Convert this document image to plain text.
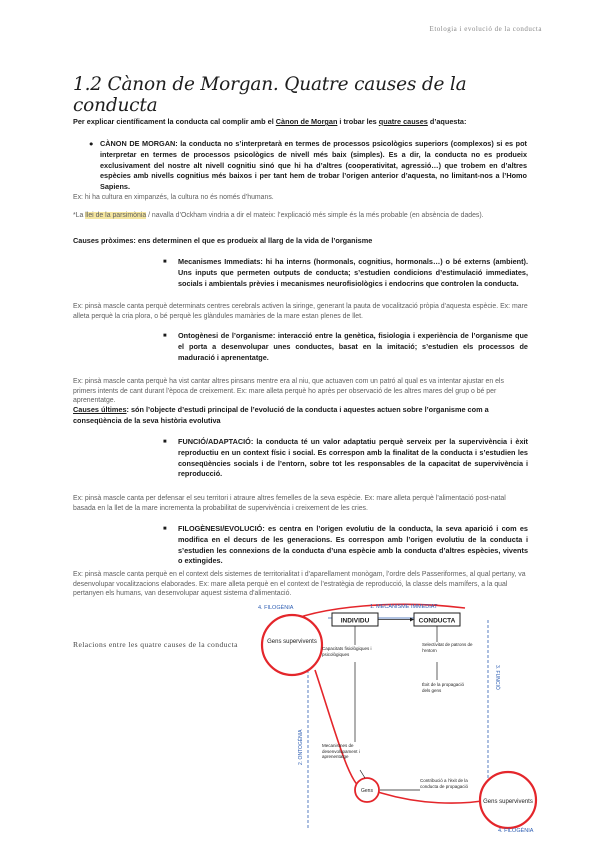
Etologia i evolució de la conducta
1.2 Cànon de Morgan. Quatre causes de la conducta

Per explicar científicament la conducta cal complir amb el Cànon de Morgan i trobar les quatre causes d’aquesta:

● CÀNON DE MORGAN: la conducta no s’interpretarà en termes de processos psicològics superiors (complexos) si es pot interpretar en termes de processos psicològics de nivell més baix (simples). Es a dir, la conducta no es produeix exclusivament del nostre alt nivell cognitiu sinó que hi ha d’altres (cooperativitat, agressió…) que trobem en d’altres espècies amb nivells cognitius més baixos i per tant hem de trobar l’origen anterior d’aquesta, no limitant-nos a l’Homo Sapiens.

Ex: hi ha cultura en ximpanzés, la cultura no és només d’humans.

*La llei de la parsimònia / navalla d’Ockham vindria a dir el mateix: l’explicació més simple és la més probable (en absència de dades).

Causes pròximes: ens determinen el que es produeix al llarg de la vida de l’organisme

■ Mecanismes Immediats: hi ha interns (hormonals, cognitius, hormonals…) o bé externs (ambient). Uns inputs que permeten outputs de conducta; s’estudien condicions d’estimulació immediates, socials i ambientals prèvies i mecanismes neurofisiològics i endocrins que controlen la conducta.

Ex: pinsà mascle canta perquè determinats centres cerebrals activen la siringe, generant la pauta de vocalització pròpia d’aquesta espècie. Ex: mare alleta perquè la cria plora, o bé perquè les glàndules mamàries de la mare estan plenes de llet.

■ Ontogènesi de l’organisme: interacció entre la genètica, fisiologia i experiència de l’organisme que el porta a desenvolupar unes conductes, basat en la imitació; s’estudien els processos de maduració i aprenentatge.

Ex: pinsà mascle canta perquè ha vist cantar altres pinsans mentre era al niu, que actuaven com un patró al qual es va intentar ajustar en els primers intents de cant durant l’època de creixement. Ex: mare alleta perquè ho après per observació de les altres mares del grup o bé per aprenentatge.

Causes últimes: són l’objecte d’estudi principal de l’evolució de la conducta i aquestes actuen sobre l’organisme com a conseqüència de la seva història evolutiva

■ FUNCIÓ/ADAPTACIÓ: la conducta té un valor adaptatiu perquè serveix per la supervivència i èxit reproductiu en un context físic i social. Es correspon amb la finalitat de la conducta i s’estudien les conseqüències socials i de l’entorn, sobre tot les responsables de la capacitat de supervivència i reproducció.

Ex: pinsà mascle canta per defensar el seu territori i atraure altres femelles de la seva espècie. Ex: mare alleta perquè l’alimentació post-natal basada en la llet de la mare incrementa la probabilitat de supervivència i creixement de les cries.

■ FILOGÈNESI/EVOLUCIÓ: es centra en l’origen evolutiu de la conducta, la seva aparició i com es modifica en el decurs de les generacions. Es correspon amb l’origen evolutiu de la conducta i s’estudien les connexions de la conducta d’una espècie amb la conducta d’altres espècies, vivents o extingides.

Ex: pinsà mascle canta perquè en el context dels sistemes de territorialitat i d’aparellament monògam, l’ordre dels Passeriformes, al qual pertany, va desenvolupar vocalitzacions elaborades. Ex: mare alleta perquè en el context de l’estratègia de reproducció, la classe dels mamífers, a la qual pertanyen els humans, van desenvolupar aquest sistema d’alimentació.

Relacions entre les quatre causes de la conducta

4. FILOGÈNIA	1. MECANISME IMMEDIAT
4. FILOGÈNIA
2. ONTOGÈNIA
3. FUNCIÓ
INDIVIDU	CONDUCTA
Gens supervivents
Gens supervivents
Gens
Capacitats fisiològiques i psicològiques
Mecanismes de desenvolupament i aprenentatge
Selectivitat de patrons de l’entorn
Èxit de la propagació dels gens
Contribució a l’èxit de la conducta de propagació
